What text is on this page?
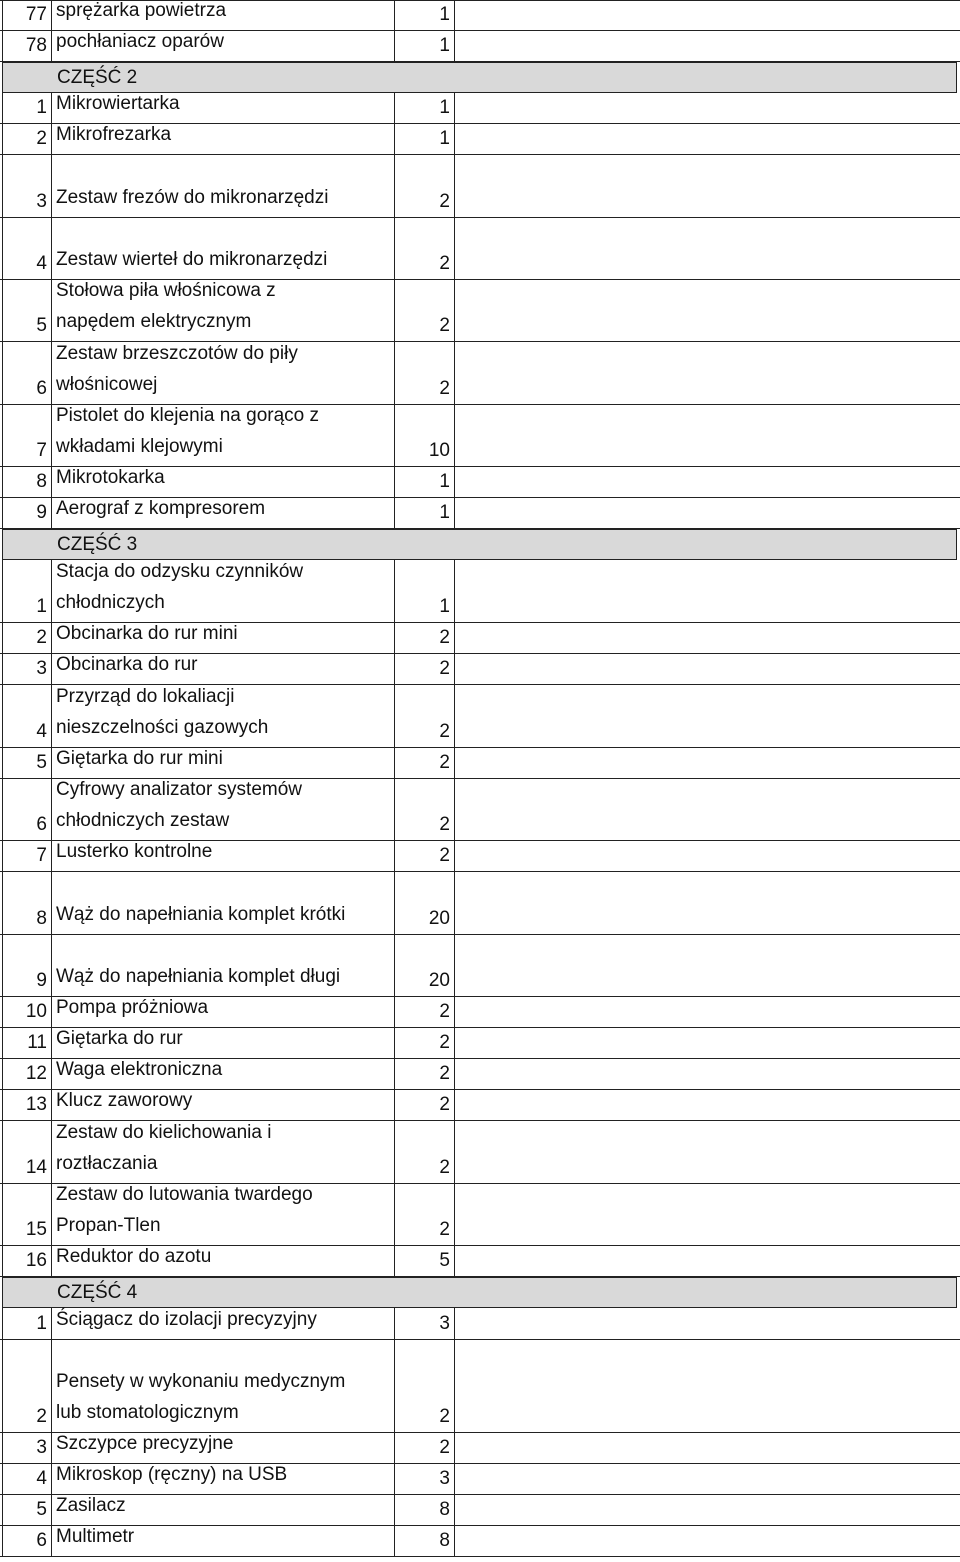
77 sprężarka powietrza	1
78 pochłaniacz oparów	1
CZĘŚĆ 2
1 Mikrowiertarka	1
2 Mikrofrezarka	1
3 Zestaw frezów do mikronarzędzi	2
4 Zestaw wierteł do mikronarzędzi	2
5
Stołowa piła włośnicowa z
napędem elektrycznym	2
6
Zestaw brzeszczotów do piły
włośnicowej	2
7
Pistolet do klejenia na gorąco z
wkładami klejowymi	10
8 Mikrotokarka	1
9 Aerograf z kompresorem	1
CZĘŚĆ 3
1
Stacja do odzysku czynników
chłodniczych	1
2 Obcinarka do rur mini	2
3 Obcinarka do rur	2
4
Przyrząd do lokaliacji
nieszczelności gazowych	2
5 Giętarka do rur mini	2
6
Cyfrowy analizator systemów
chłodniczych zestaw	2
7 Lusterko kontrolne	2
8 Wąż do napełniania komplet krótki	20
9 Wąż do napełniania komplet długi	20
10 Pompa próżniowa	2
11 Giętarka do rur	2
12 Waga elektroniczna	2
13 Klucz zaworowy	2
14
Zestaw do kielichowania i
roztłaczania	2
15
Zestaw do lutowania twardego
Propan-Tlen	2
16 Reduktor do azotu	5
CZĘŚĆ 4
1 Ściągacz do izolacji precyzyjny	3
2
Pensety w wykonaniu medycznym
lub stomatologicznym	2
3 Szczypce precyzyjne	2
4 Mikroskop (ręczny) na USB	3
5 Zasilacz	8
6 Multimetr	8
